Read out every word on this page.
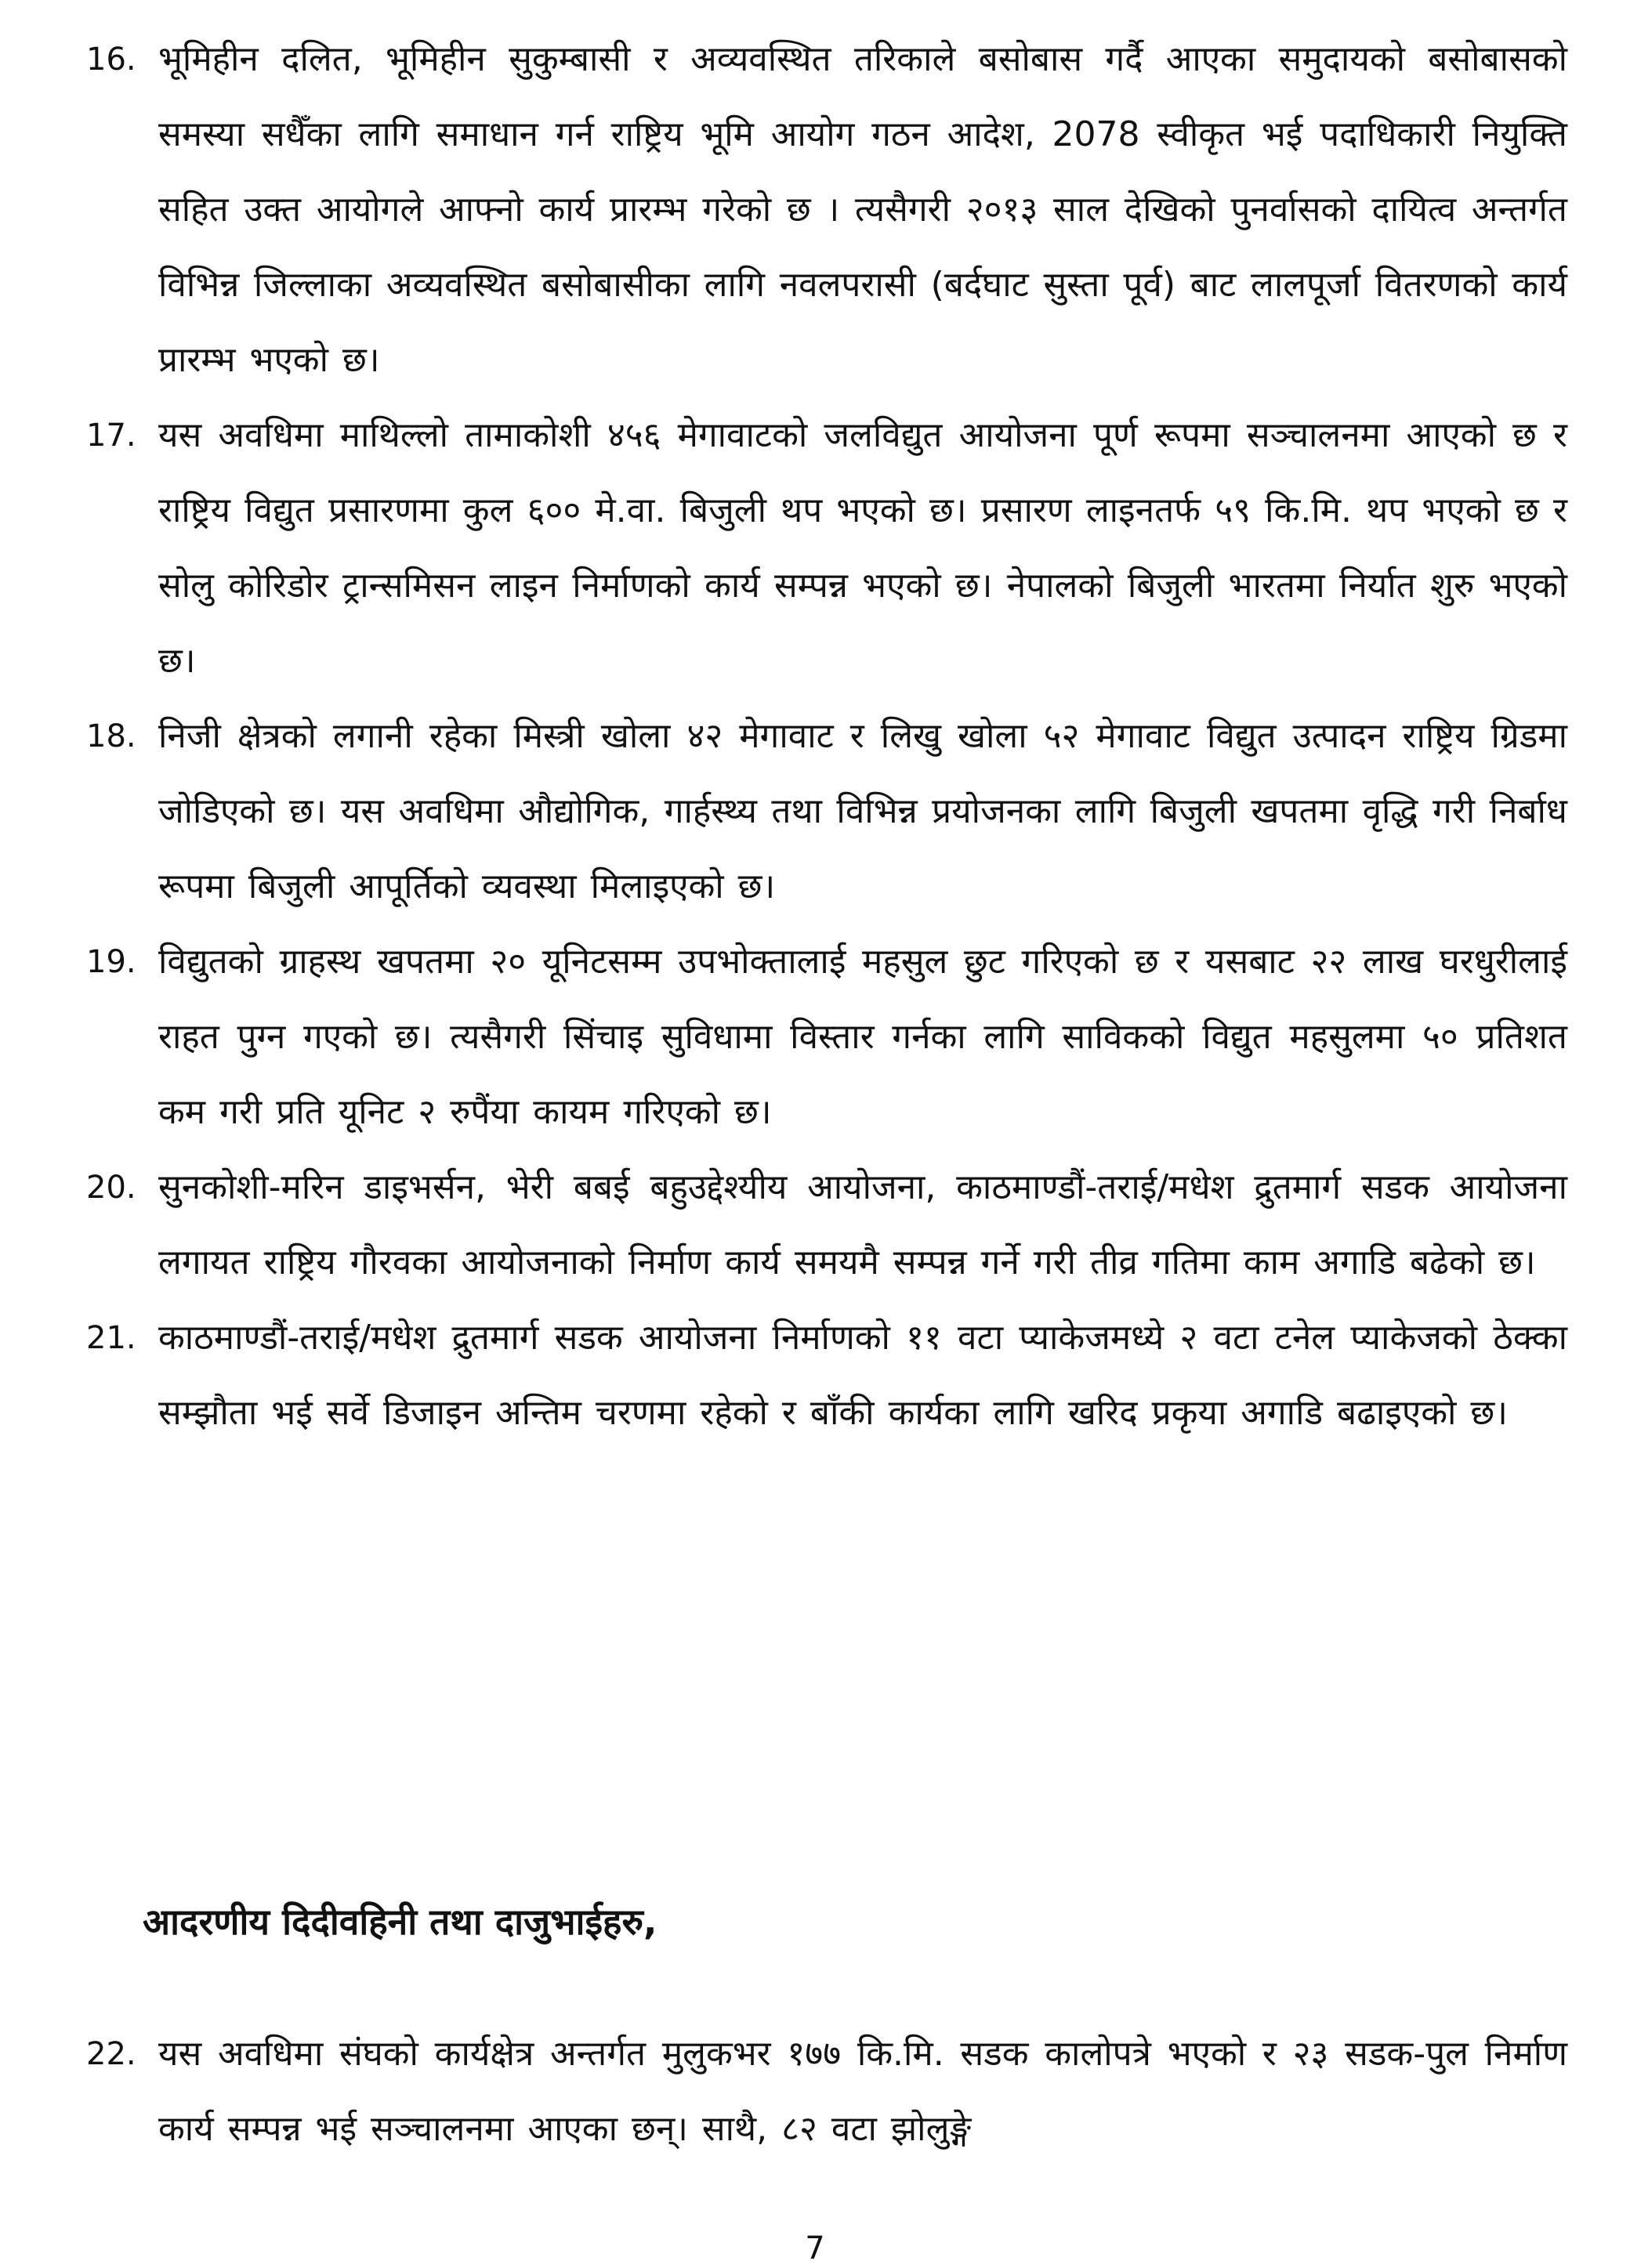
16. भूमिहीन दलित, भूमिहीन सुकुम्बासी र अव्यवस्थित तरिकाले बसोबास गर्दै आएका समुदायको बसोबासको समस्या सधैँका लागि समाधान गर्न राष्ट्रिय भूमि आयोग गठन आदेश, 2078 स्वीकृत भई पदाधिकारी नियुक्ति सहित उक्त आयोगले आफ्नो कार्य प्रारम्भ गरेको छ । त्यसैगरी २०१३ साल देखिको पुनर्वासको दायित्व अन्तर्गत विभिन्न जिल्लाका अव्यवस्थित बसोबासीका लागि नवलपरासी (बर्दघाट सुस्ता पूर्व) बाट लालपूर्जा वितरणको कार्य प्रारम्भ भएको छ।
17. यस अवधिमा माथिल्लो तामाकोशी ४५६ मेगावाटको जलविद्युत आयोजना पूर्ण रूपमा सञ्चालनमा आएको छ र राष्ट्रिय विद्युत प्रसारणमा कुल ६०० मे.वा. बिजुली थप भएको छ। प्रसारण लाइनतर्फ ५९ कि.मि. थप भएको छ र सोलु कोरिडोर ट्रान्समिसन लाइन निर्माणको कार्य सम्पन्न भएको छ। नेपालको बिजुली भारतमा निर्यात शुरु भएको छ।
18. निजी क्षेत्रको लगानी रहेका मिस्त्री खोला ४२ मेगावाट र लिखु खोला ५२ मेगावाट विद्युत उत्पादन राष्ट्रिय ग्रिडमा जोडिएको छ। यस अवधिमा औद्योगिक, गार्हस्थ्य तथा विभिन्न प्रयोजनका लागि बिजुली खपतमा वृद्धि गरी निर्बाध रूपमा बिजुली आपूर्तिको व्यवस्था मिलाइएको छ।
19. विद्युतको ग्राहस्थ खपतमा २० यूनिटसम्म उपभोक्तालाई महसुल छुट गरिएको छ र यसबाट २२ लाख घरधुरीलाई राहत पुग्न गएको छ। त्यसैगरी सिंचाइ सुविधामा विस्तार गर्नका लागि साविकको विद्युत महसुलमा ५० प्रतिशत कम गरी प्रति यूनिट २ रुपैंया कायम गरिएको छ।
20. सुनकोशी-मरिन डाइभर्सन, भेरी बबई बहुउद्देश्यीय आयोजना, काठमाण्डौं-तराई/मधेश द्रुतमार्ग सडक आयोजना लगायत राष्ट्रिय गौरवका आयोजनाको निर्माण कार्य समयमै सम्पन्न गर्ने गरी तीव्र गतिमा काम अगाडि बढेको छ।
21. काठमाण्डौं-तराई/मधेश द्रुतमार्ग सडक आयोजना निर्माणको ११ वटा प्याकेजमध्ये २ वटा टनेल प्याकेजको ठेक्का सम्झौता भई सर्वे डिजाइन अन्तिम चरणमा रहेको र बाँकी कार्यका लागि खरिद प्रकृया अगाडि बढाइएको छ।
आदरणीय दिदीवहिनी तथा दाजुभाईहरु,
22. यस अवधिमा संघको कार्यक्षेत्र अन्तर्गत मुलुकभर १७७ कि.मि. सडक कालोपत्रे भएको र २३ सडक-पुल निर्माण कार्य सम्पन्न भई सञ्चालनमा आएका छन्। साथै, ८२ वटा झोलुङ्गे
7
